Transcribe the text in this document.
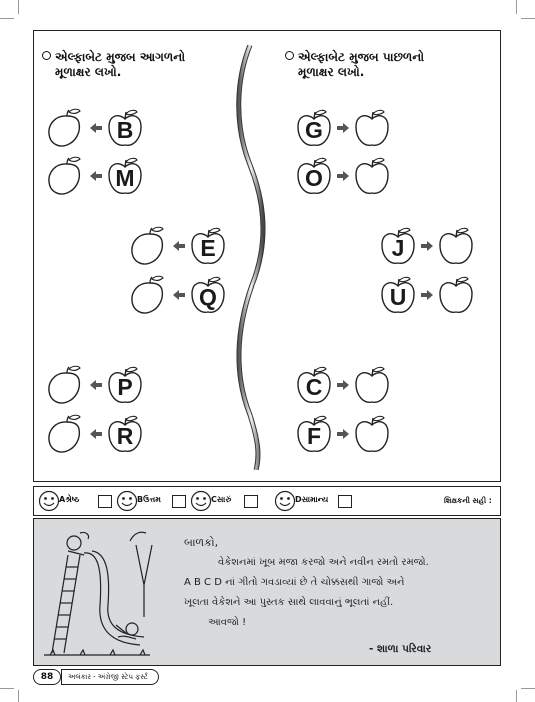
એલ્ફાબેટ મુજબ આગળનો
મૂળાક્ષર લખો.
એલ્ફાબેટ મુજબ પાછળનો
મૂળાક્ષર લખો.
B
M
E
Q
P
R
G
O
J
U
C
F
Aશ્રેષ્ઠ	Bઉત્તમ	Cસારું	Dસામાન્ય	શિક્ષકની સહી :
બાળકો,
વેકેશનમાં ખૂબ મજા કરજો અને નવીન રમતો રમજો.
A B C D નાં ગીતો ગવડાવ્યાં છે તે ચોક્કસથી ગાજો અને
ખૂલતા વેકેશને આ પુસ્તક સાથે લાવવાનું ભૂલતાં નહીં.
આવજો !
- શાળા પરિવાર
88	અલંકાર - અંગ્રેજી સ્ટેપ ફર્સ્ટ
